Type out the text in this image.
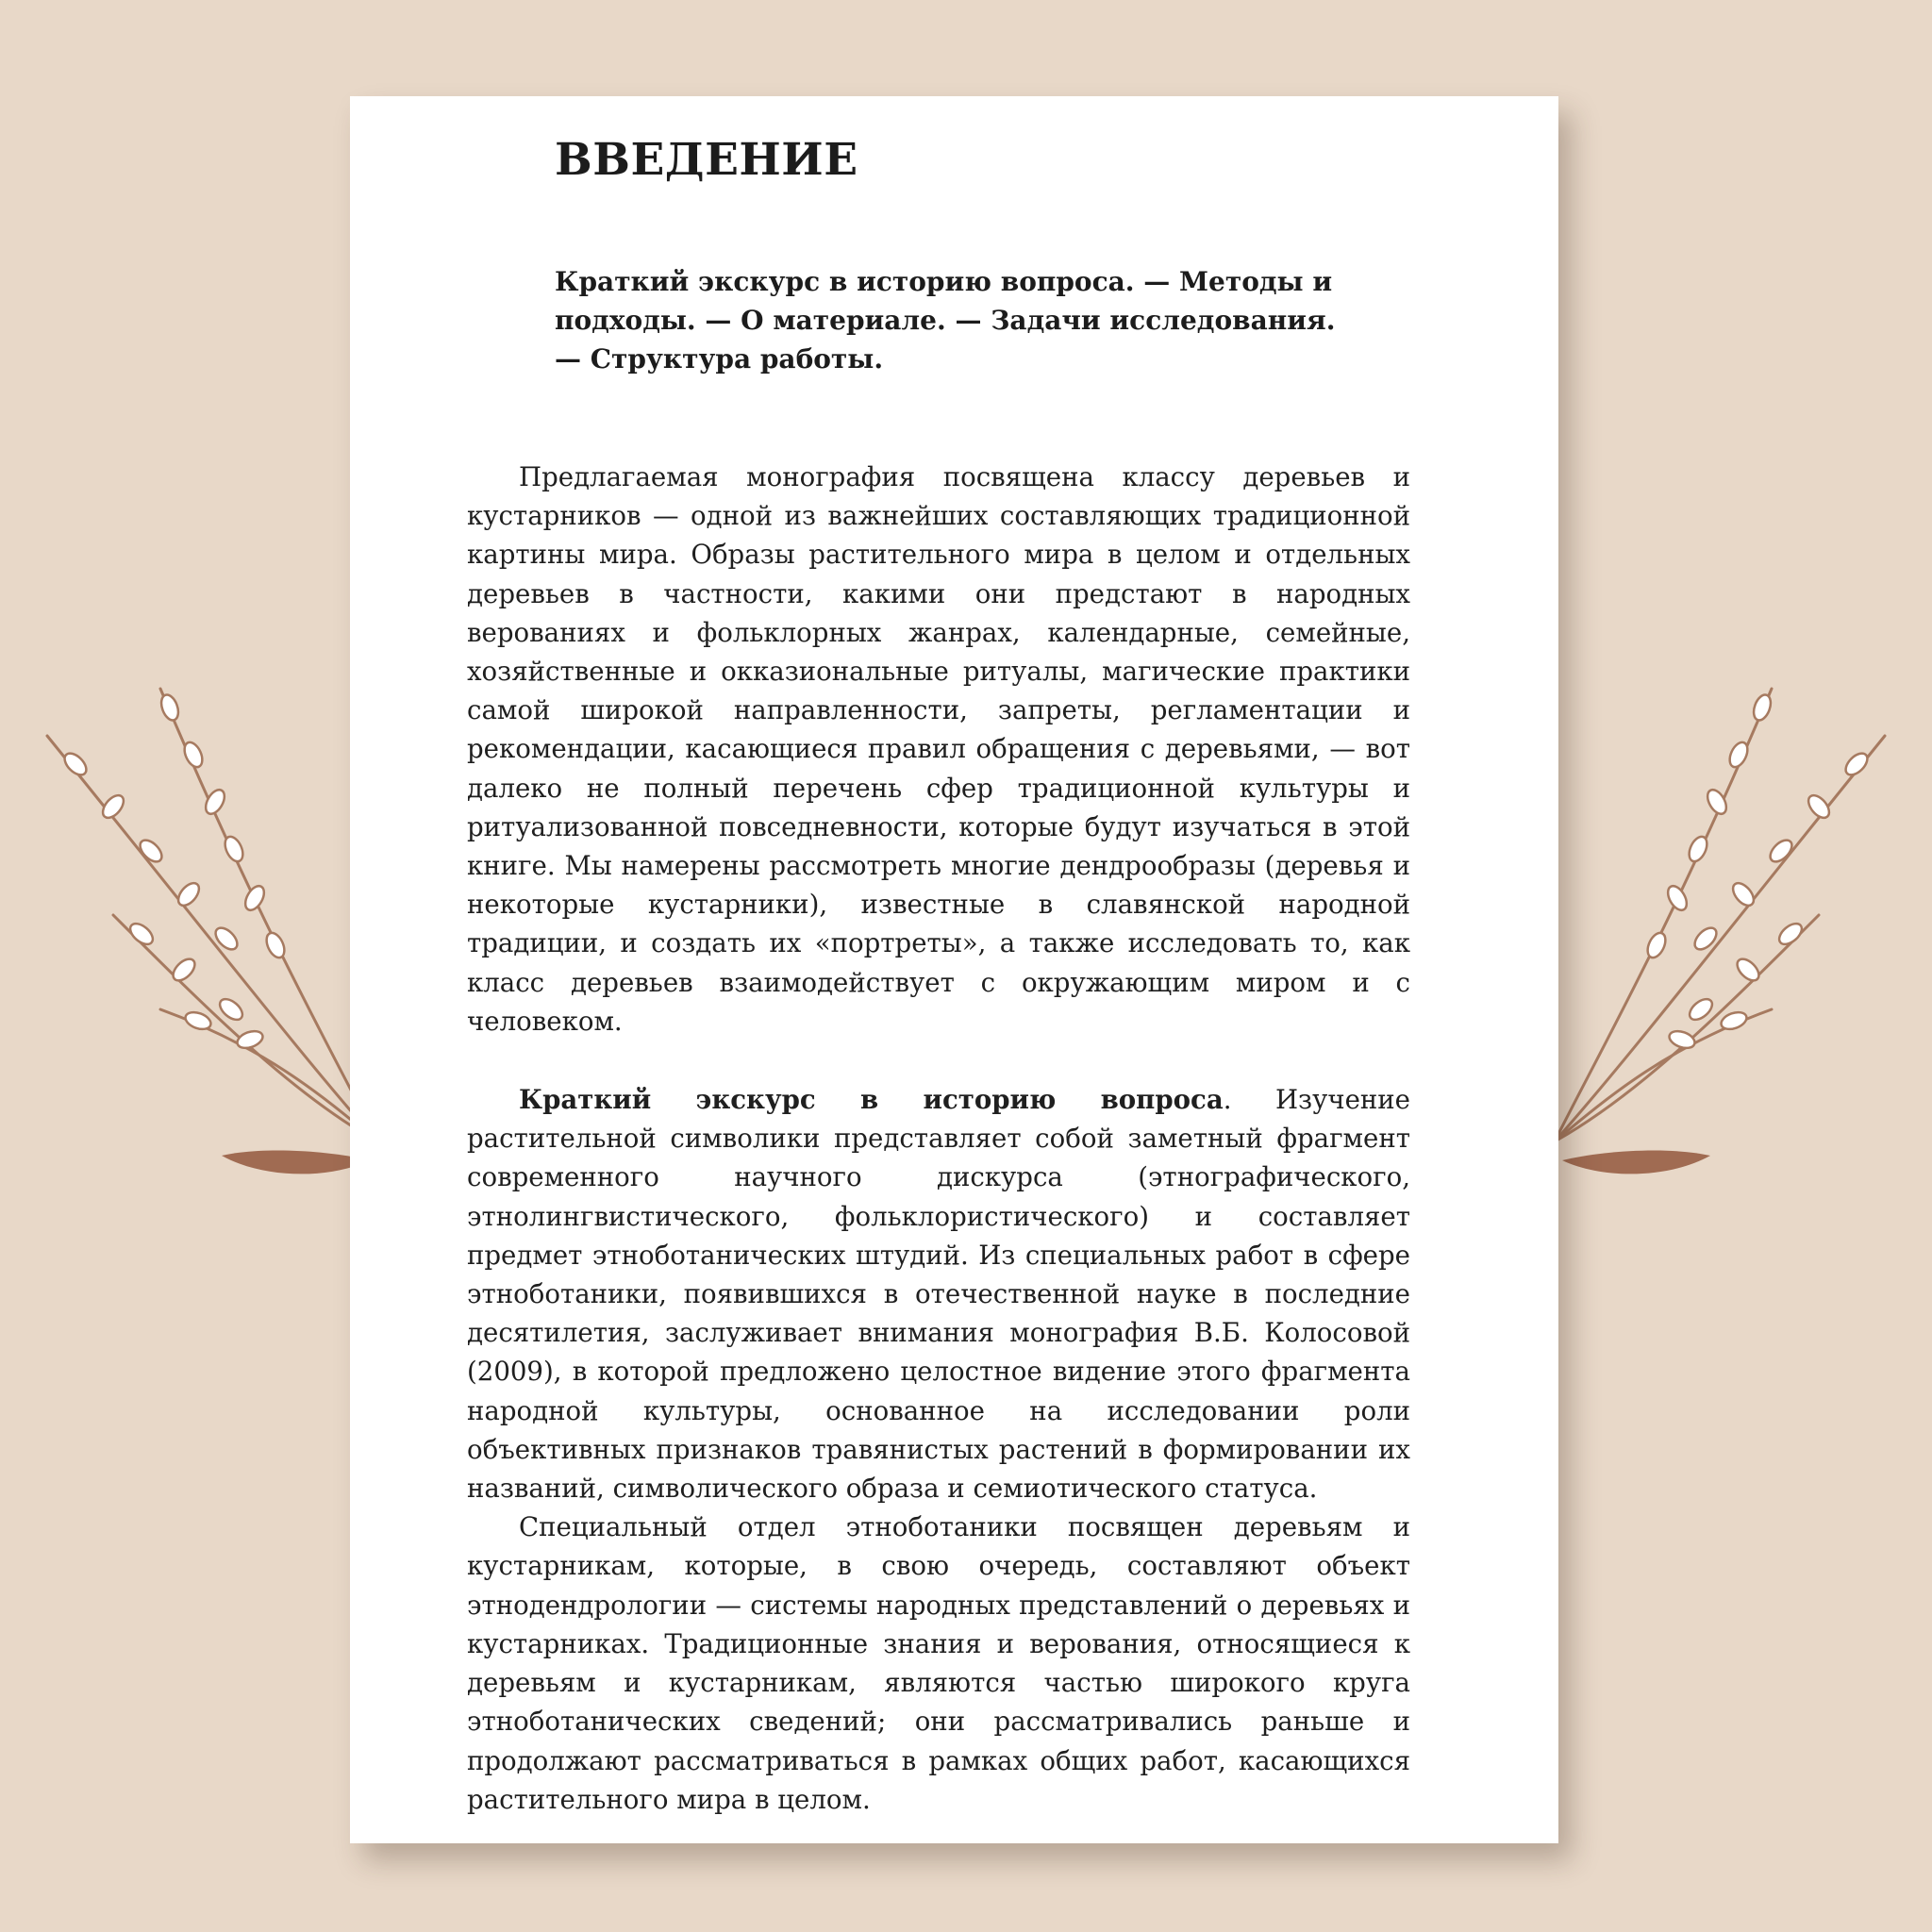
ВВЕДЕНИЕ

Краткий экскурс в историю вопроса. — Методы и подходы. — О материале. — Задачи исследования. — Структура работы.

Предлагаемая монография посвящена классу деревьев и кустарников — одной из важнейших составляющих традиционной картины мира. Образы растительного мира в целом и отдельных деревьев в частности, какими они предстают в народных верованиях и фольклорных жанрах, календарные, семейные, хозяйственные и окказиональные ритуалы, магические практики самой широкой направленности, запреты, регламентации и рекомендации, касающиеся правил обращения с деревьями, — вот далеко не полный перечень сфер традиционной культуры и ритуализованной повседневности, которые будут изучаться в этой книге. Мы намерены рассмотреть многие дендрообразы (деревья и некоторые кустарники), известные в славянской народной традиции, и создать их «портреты», а также исследовать то, как класс деревьев взаимодействует с окружающим миром и с человеком.

Краткий экскурс в историю вопроса. Изучение растительной символики представляет собой заметный фрагмент современного научного дискурса (этнографического, этнолингвистического, фольклористического) и составляет предмет этноботанических штудий. Из специальных работ в сфере этноботаники, появившихся в отечественной науке в последние десятилетия, заслуживает внимания монография В.Б. Колосовой (2009), в которой предложено целостное видение этого фрагмента народной культуры, основанное на исследовании роли объективных признаков травянистых растений в формировании их названий, символического образа и семиотического статуса.

Специальный отдел этноботаники посвящен деревьям и кустарникам, которые, в свою очередь, составляют объект этнодендрологии — системы народных представлений о деревьях и кустарниках. Традиционные знания и верования, относящиеся к деревьям и кустарникам, являются частью широкого круга этноботанических сведений; они рассматривались раньше и продолжают рассматриваться в рамках общих работ, касающихся растительного мира в целом.
